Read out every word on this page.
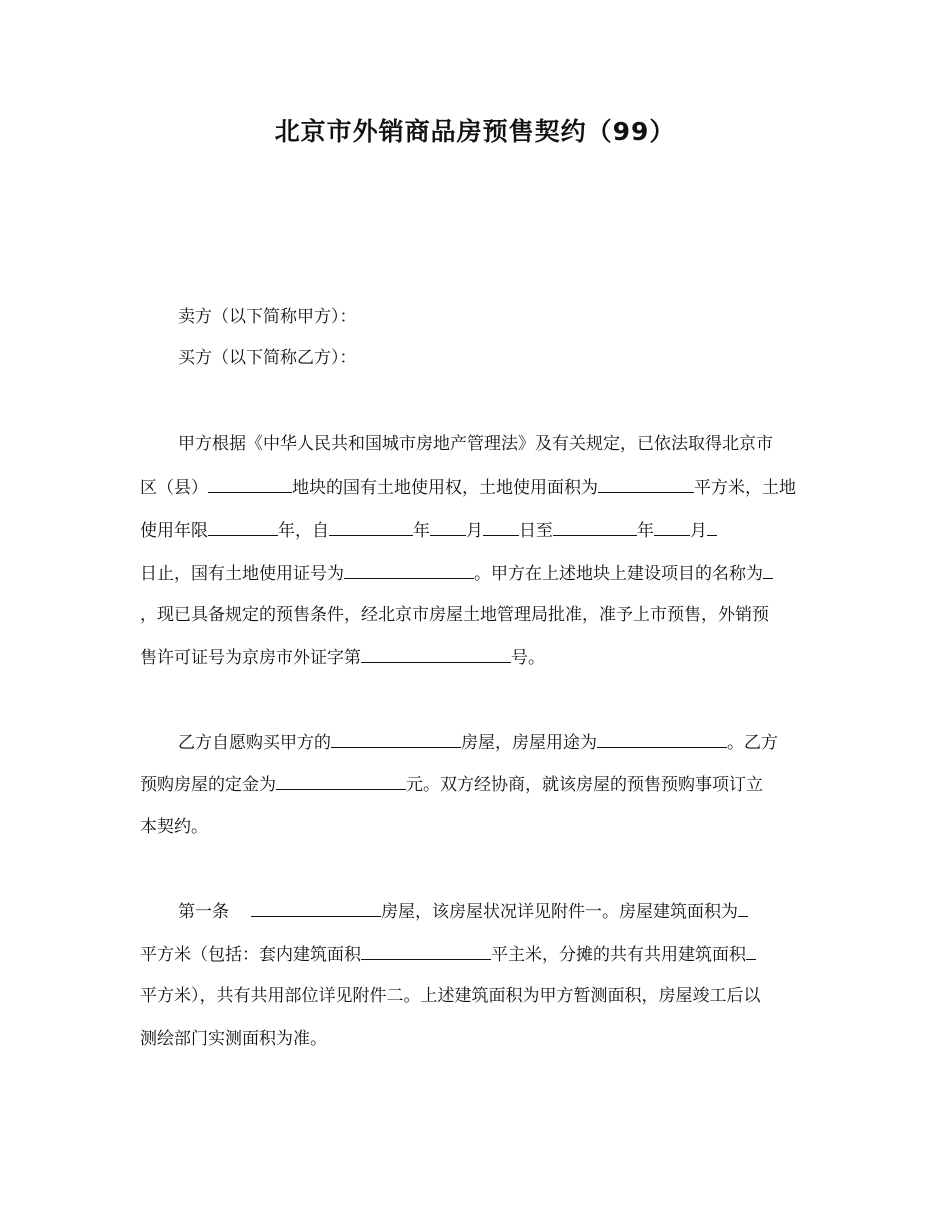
北京市外销商品房预售契约（99）
卖方（以下简称甲方）：
买方（以下简称乙方）：
甲方根据《中华人民共和国城市房地产管理法》及有关规定，已依法取得北京市
区（县）	地块的国有土地使用权，土地使用面积为	平方米，土地
使用年限	年，自	年 月 日至	年 月
日止，国有土地使用证号为	。甲方在上述地块上建设项目的名称为
，现已具备规定的预售条件，经北京市房屋土地管理局批准，准予上市预售，外销预
售许可证号为京房市外证字第	号。
乙方自愿购买甲方的	房屋，房屋用途为	。乙方
预购房屋的定金为	元。双方经协商，就该房屋的预售预购事项订立
本契约。
第一条	房屋，该房屋状况详见附件一。房屋建筑面积为
平方米（包括：套内建筑面积	平主米，分摊的共有共用建筑面积
平方米），共有共用部位详见附件二。上述建筑面积为甲方暂测面积，房屋竣工后以
测绘部门实测面积为准。
